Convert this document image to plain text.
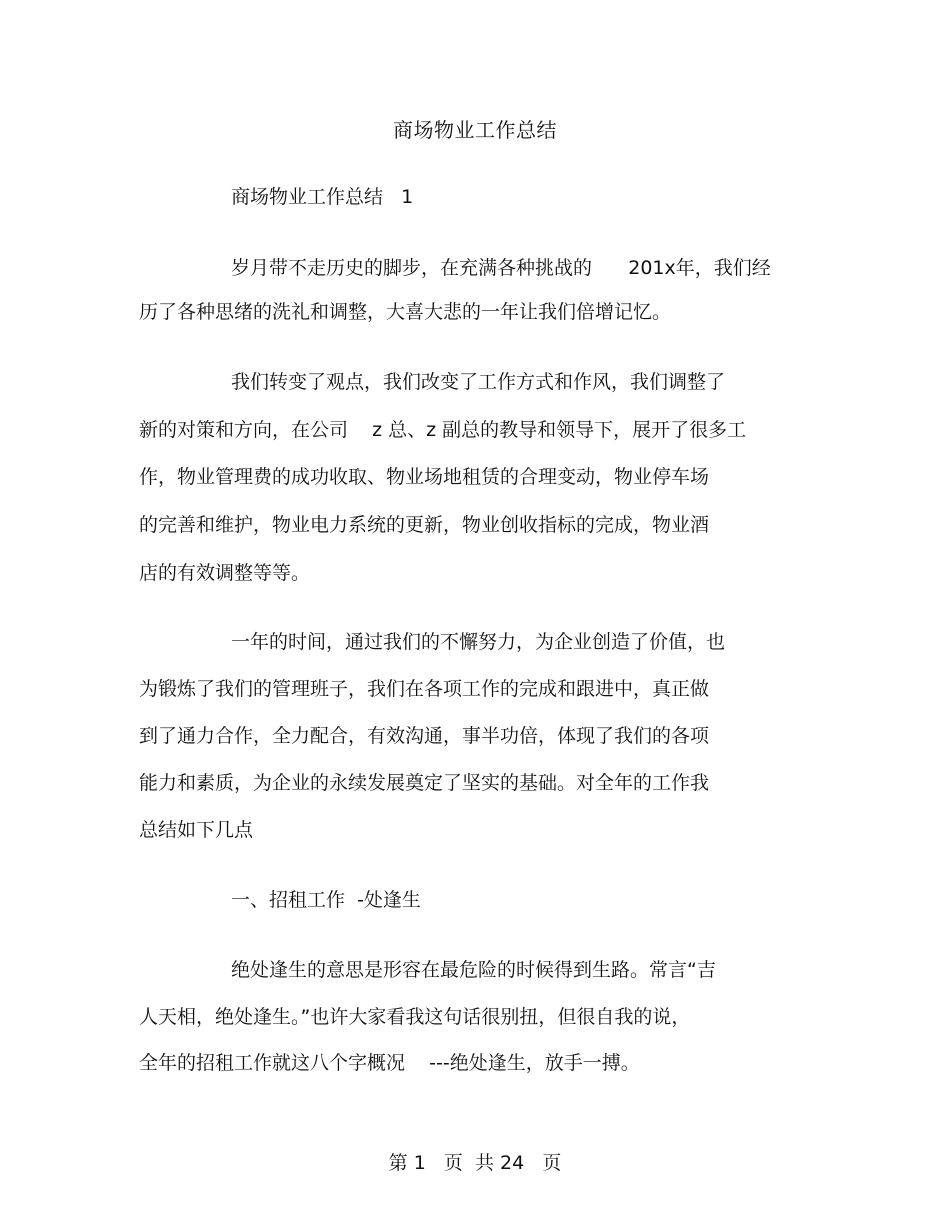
商场物业工作总结
商场物业工作总结   1
岁月带不走历史的脚步，在充满各种挑战的      201x年，我们经
历了各种思绪的洗礼和调整，大喜大悲的一年让我们倍增记忆。
我们转变了观点，我们改变了工作方式和作风，我们调整了
新的对策和方向，在公司    z 总、z 副总的教导和领导下，展开了很多工
作，物业管理费的成功收取、物业场地租赁的合理变动，物业停车场
的完善和维护，物业电力系统的更新，物业创收指标的完成，物业酒
店的有效调整等等。
一年的时间，通过我们的不懈努力，为企业创造了价值，也
为锻炼了我们的管理班子，我们在各项工作的完成和跟进中，真正做
到了通力合作，全力配合，有效沟通，事半功倍，体现了我们的各项
能力和素质，为企业的永续发展奠定了坚实的基础。对全年的工作我
总结如下几点
一、招租工作  -处逢生
绝处逢生的意思是形容在最危险的时候得到生路。常言“吉
人天相，绝处逢生。”也许大家看我这句话很别扭，但很自我的说，
全年的招租工作就这八个字概况    ---绝处逢生，放手一搏。
第 1   页  共 24   页
